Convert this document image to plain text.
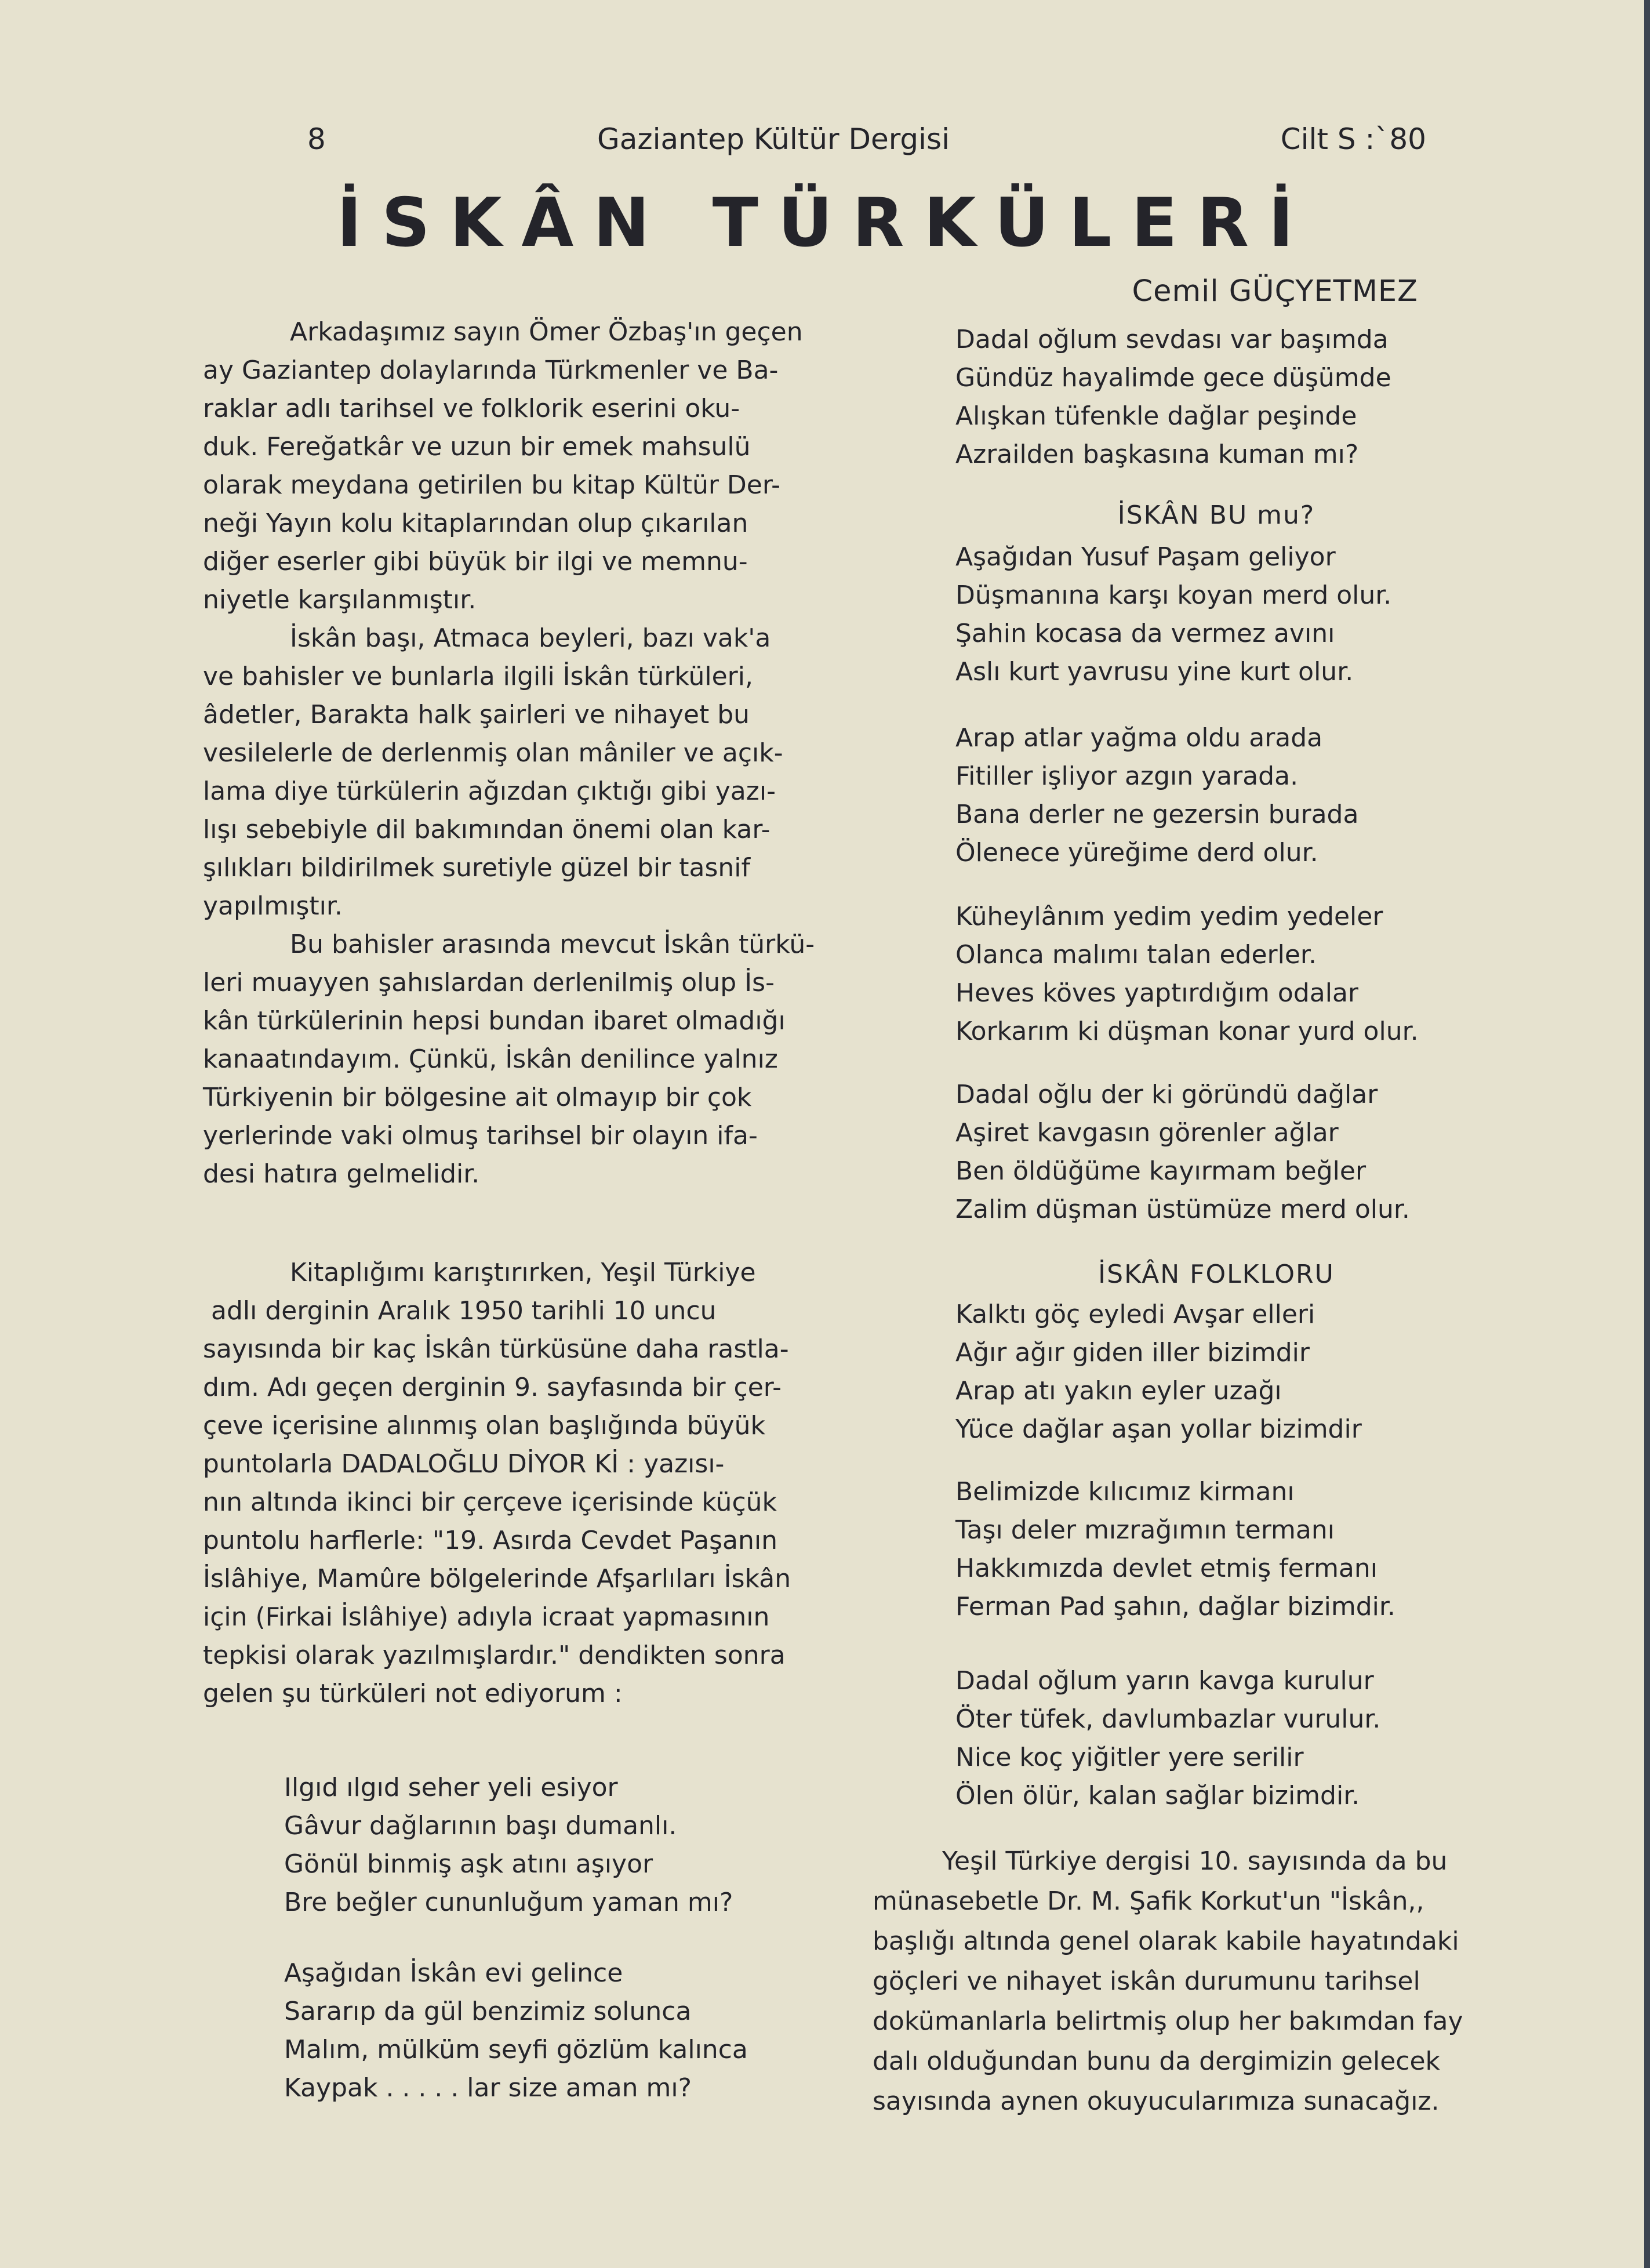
8	Gaziantep Kültür Dergisi	Cilt S :`80
İSKÂN TÜRKÜLERİ
Cemil GÜÇYETMEZ

Arkadaşımız sayın Ömer Özbaş'ın geçen
ay Gaziantep dolaylarında Türkmenler ve Ba-
raklar adlı tarihsel ve folklorik eserini oku-
duk. Fereğatkâr ve uzun bir emek mahsulü
olarak meydana getirilen bu kitap Kültür Der-
neği Yayın kolu kitaplarından olup çıkarılan
diğer eserler gibi büyük bir ilgi ve memnu-
niyetle karşılanmıştır.

İskân başı, Atmaca beyleri, bazı vak'a
ve bahisler ve bunlarla ilgili İskân türküleri,
âdetler, Barakta halk şairleri ve nihayet bu
vesilelerle de derlenmiş olan mâniler ve açık-
lama diye türkülerin ağızdan çıktığı gibi yazı-
lışı sebebiyle dil bakımından önemi olan kar-
şılıkları bildirilmek suretiyle güzel bir tasnif
yapılmıştır.

Bu bahisler arasında mevcut İskân türkü-
leri muayyen şahıslardan derlenilmiş olup İs-
kân türkülerinin hepsi bundan ibaret olmadığı
kanaatındayım. Çünkü, İskân denilince yalnız
Türkiyenin bir bölgesine ait olmayıp bir çok
yerlerinde vaki olmuş tarihsel bir olayın ifa-
desi hatıra gelmelidir.

Kitaplığımı karıştırırken, Yeşil Türkiye
adlı derginin Aralık 1950 tarihli 10 uncu
sayısında bir kaç İskân türküsüne daha rastla-
dım. Adı geçen derginin 9. sayfasında bir çer-
çeve içerisine alınmış olan başlığında büyük
puntolarla DADALOĞLU DİYOR Kİ : yazısı-
nın altında ikinci bir çerçeve içerisinde küçük
puntolu harflerle: "19. Asırda Cevdet Paşanın
İslâhiye, Mamûre bölgelerinde Afşarlıları İskân
için (Firkai İslâhiye) adıyla icraat yapmasının
tepkisi olarak yazılmışlardır." dendikten sonra
gelen şu türküleri not ediyorum :

Ilgıd ılgıd seher yeli esiyor
Gâvur dağlarının başı dumanlı.
Gönül binmiş aşk atını aşıyor
Bre beğler cununluğum yaman mı?
Aşağıdan İskân evi gelince
Sararıp da gül benzimiz solunca
Malım, mülküm seyfi gözlüm kalınca
Kaypak . . . . . lar size aman mı?
Dadal oğlum sevdası var başımda
Gündüz hayalimde gece düşümde
Alışkan tüfenkle dağlar peşinde
Azrailden başkasına kuman mı?
İSKÂN BU mu?
Aşağıdan Yusuf Paşam geliyor
Düşmanına karşı koyan merd olur.
Şahin kocasa da vermez avını
Aslı kurt yavrusu yine kurt olur.
Arap atlar yağma oldu arada
Fitiller işliyor azgın yarada.
Bana derler ne gezersin burada
Ölenece yüreğime derd olur.
Küheylânım yedim yedim yedeler
Olanca malımı talan ederler.
Heves köves yaptırdığım odalar
Korkarım ki düşman konar yurd olur.
Dadal oğlu der ki göründü dağlar
Aşiret kavgasın görenler ağlar
Ben öldüğüme kayırmam beğler
Zalim düşman üstümüze merd olur.
İSKÂN FOLKLORU
Kalktı göç eyledi Avşar elleri
Ağır ağır giden iller bizimdir
Arap atı yakın eyler uzağı
Yüce dağlar aşan yollar bizimdir
Belimizde kılıcımız kirmanı
Taşı deler mızrağımın termanı
Hakkımızda devlet etmiş fermanı
Ferman Pad şahın, dağlar bizimdir.
Dadal oğlum yarın kavga kurulur
Öter tüfek, davlumbazlar vurulur.
Nice koç yiğitler yere serilir
Ölen ölür, kalan sağlar bizimdir.
Yeşil Türkiye dergisi 10. sayısında da bu
münasebetle Dr. M. Şafik Korkut'un "İskân,,
başlığı altında genel olarak kabile hayatındaki
göçleri ve nihayet iskân durumunu tarihsel
dokümanlarla belirtmiş olup her bakımdan fay
dalı olduğundan bunu da dergimizin gelecek
sayısında aynen okuyucularımıza sunacağız.
